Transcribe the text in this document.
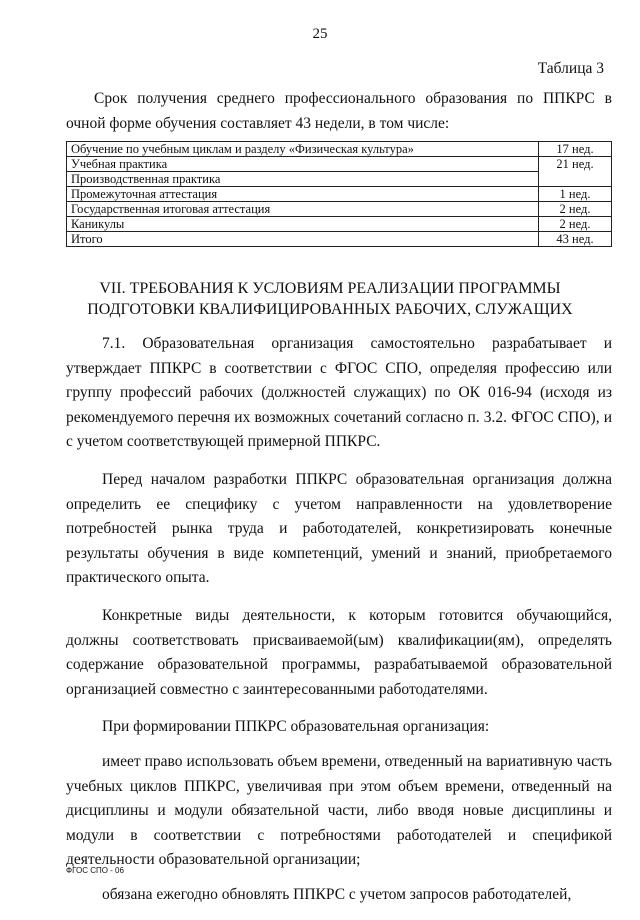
25
Таблица 3
Срок получения среднего профессионального образования по ППКРС в очной форме обучения составляет 43 недели, в том числе:
Обучение по учебным циклам и разделу «Физическая культура»	17 нед.
Учебная практика	21 нед.
Производственная практика	
Промежуточная аттестация	1 нед.
Государственная итоговая аттестация	2 нед.
Каникулы	2 нед.
Итого	43 нед.
VII. ТРЕБОВАНИЯ К УСЛОВИЯМ РЕАЛИЗАЦИИ ПРОГРАММЫ
ПОДГОТОВКИ КВАЛИФИЦИРОВАННЫХ РАБОЧИХ, СЛУЖАЩИХ

7.1. Образовательная организация самостоятельно разрабатывает и утверждает ППКРС в соответствии с ФГОС СПО, определяя профессию или группу профессий рабочих (должностей служащих) по ОК 016-94 (исходя из рекомендуемого перечня их возможных сочетаний согласно п. 3.2. ФГОС СПО), и с учетом соответствующей примерной ППКРС.

Перед началом разработки ППКРС образовательная организация должна определить ее специфику с учетом направленности на удовлетворение потребностей рынка труда и работодателей, конкретизировать конечные результаты обучения в виде компетенций, умений и знаний, приобретаемого практического опыта.

Конкретные виды деятельности, к которым готовится обучающийся, должны соответствовать присваиваемой(ым) квалификации(ям), определять содержание образовательной программы, разрабатываемой образовательной организацией совместно с заинтересованными работодателями.

При формировании ППКРС образовательная организация:

имеет право использовать объем времени, отведенный на вариативную часть учебных циклов ППКРС, увеличивая при этом объем времени, отведенный на дисциплины и модули обязательной части, либо вводя новые дисциплины и модули в соответствии с потребностями работодателей и спецификой деятельности образовательной организации;

обязана ежегодно обновлять ППКРС с учетом запросов работодателей,

ФГОС СПО - 06
